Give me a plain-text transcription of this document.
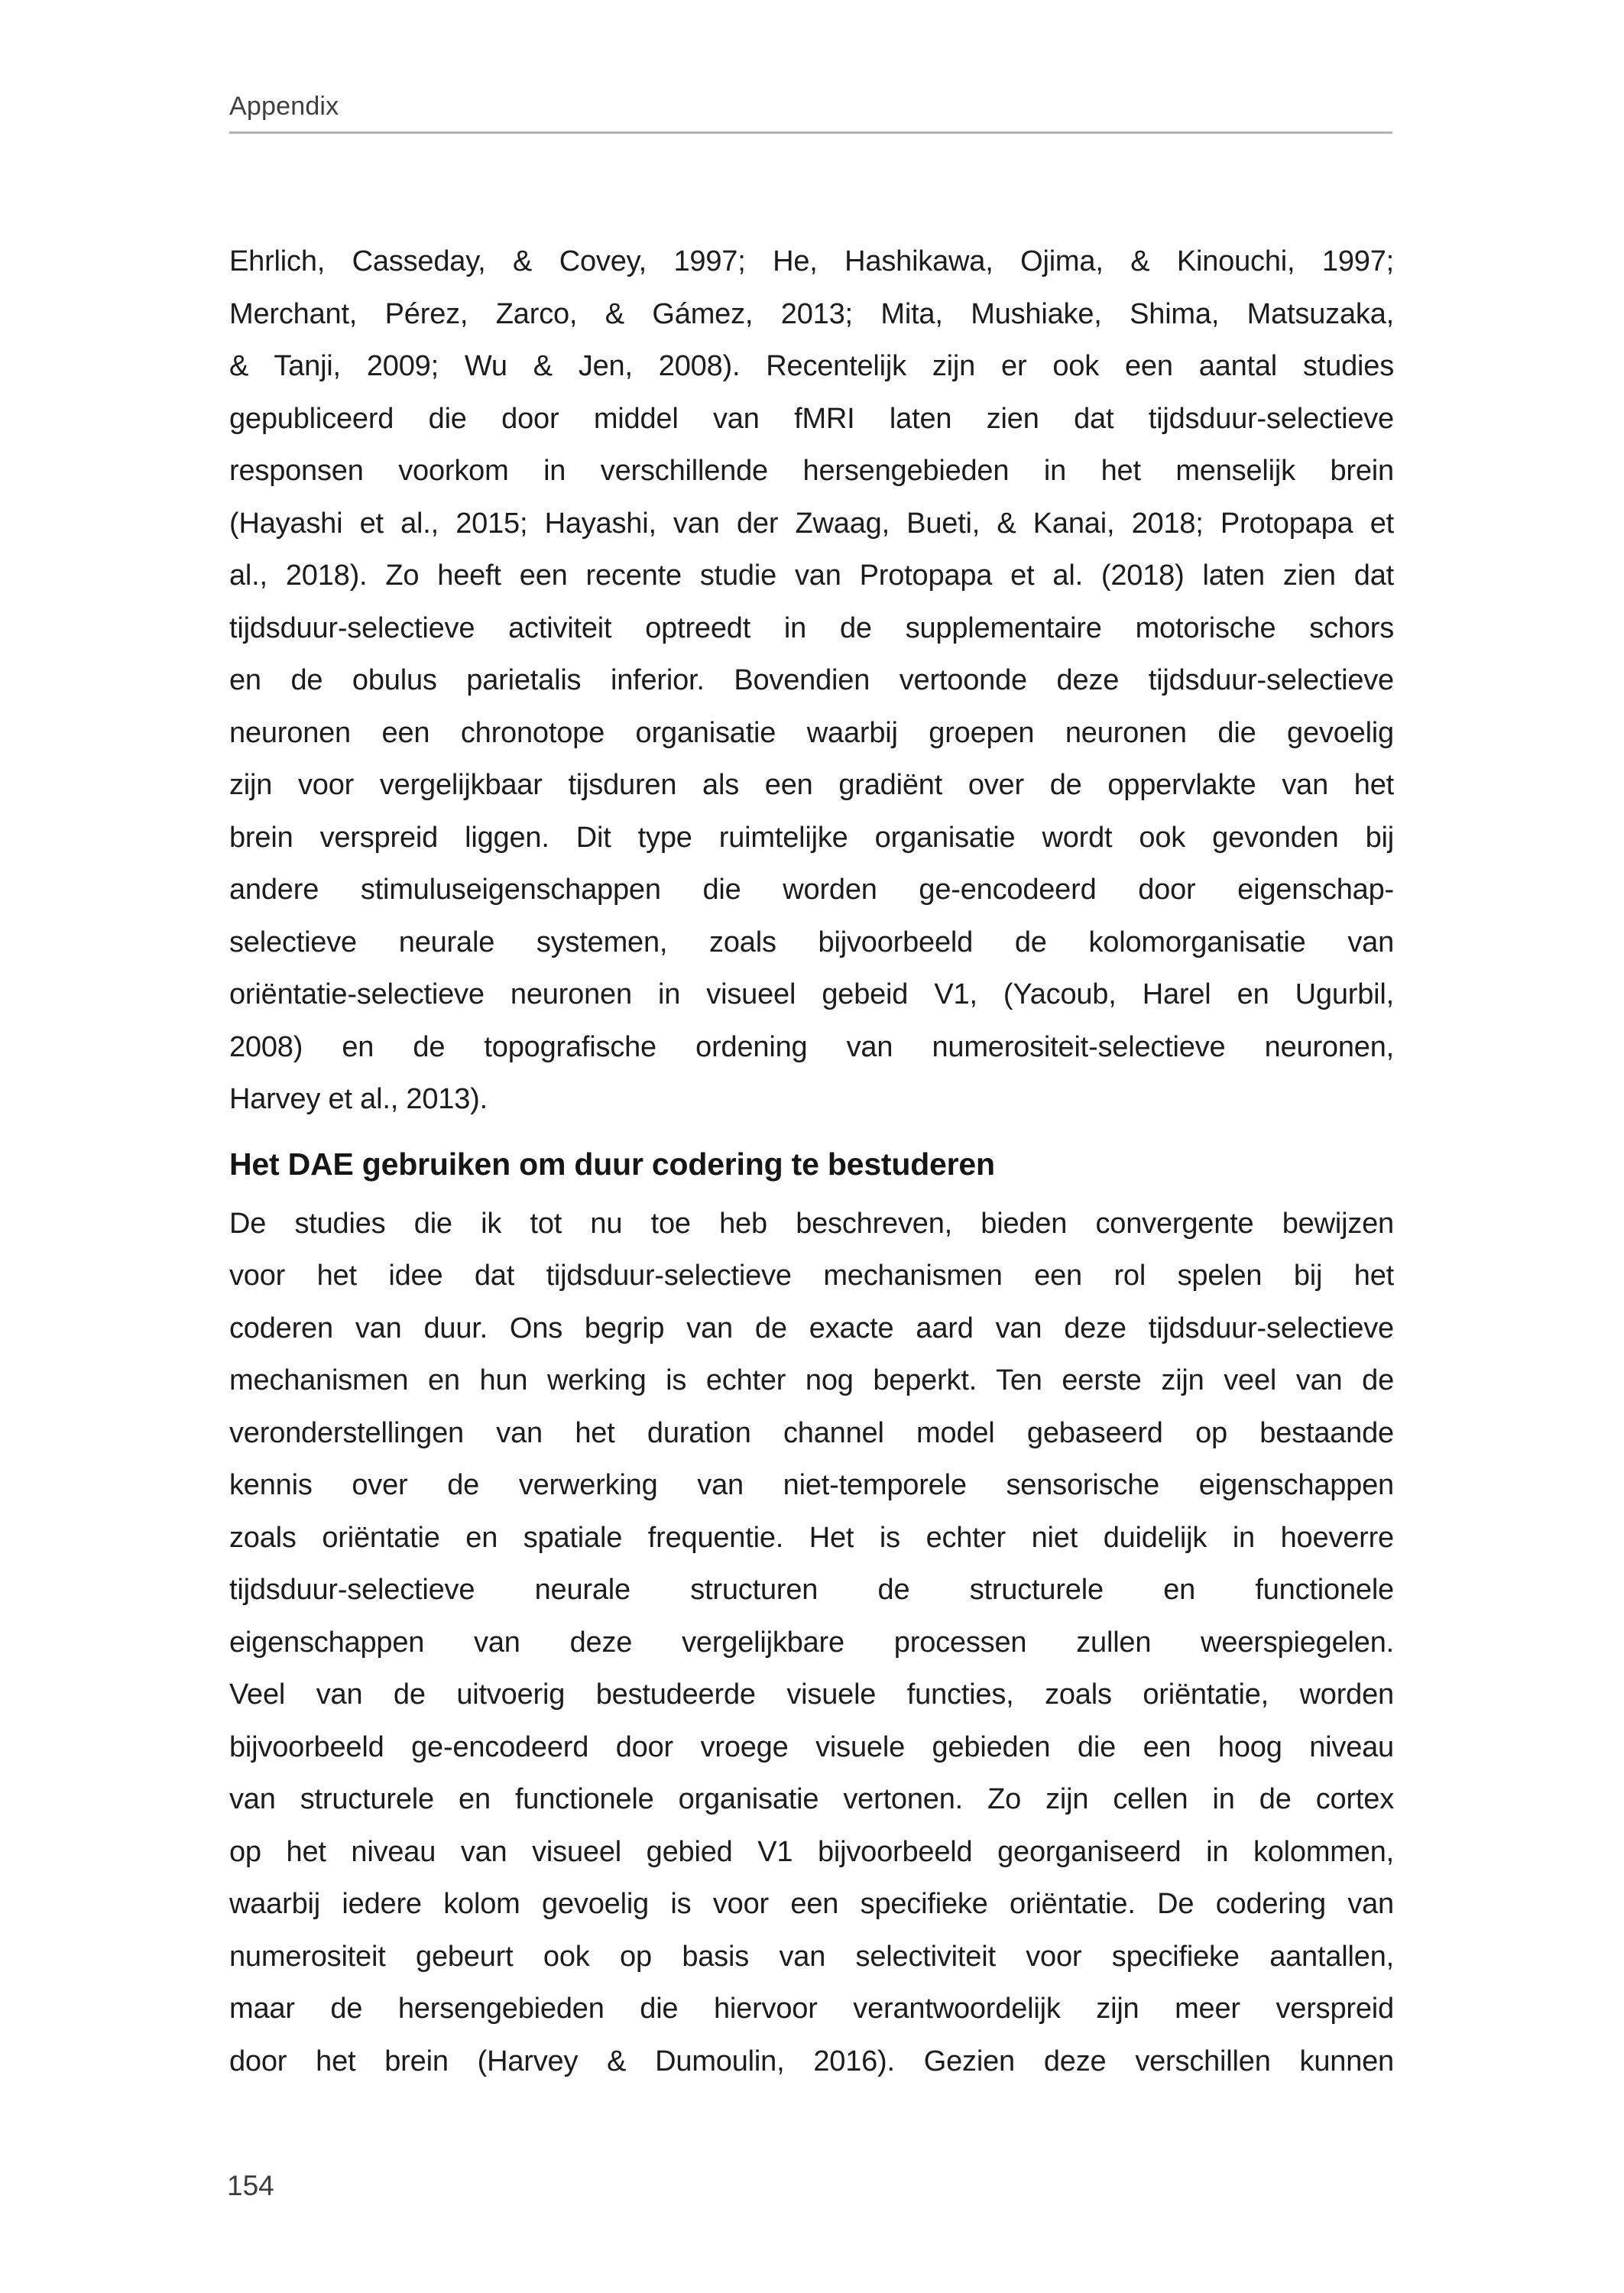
Appendix
Ehrlich, Casseday, & Covey, 1997; He, Hashikawa, Ojima, & Kinouchi, 1997;
Merchant, Pérez, Zarco, & Gámez, 2013; Mita, Mushiake, Shima, Matsuzaka,
& Tanji, 2009; Wu & Jen, 2008). Recentelijk zijn er ook een aantal studies
gepubliceerd die door middel van fMRI laten zien dat tijdsduur-selectieve
responsen voorkom in verschillende hersengebieden in het menselijk brein
(Hayashi et al., 2015; Hayashi, van der Zwaag, Bueti, & Kanai, 2018; Protopapa et
al., 2018). Zo heeft een recente studie van Protopapa et al. (2018) laten zien dat
tijdsduur-selectieve activiteit optreedt in de supplementaire motorische schors
en de obulus parietalis inferior. Bovendien vertoonde deze tijdsduur-selectieve
neuronen een chronotope organisatie waarbij groepen neuronen die gevoelig
zijn voor vergelijkbaar tijsduren als een gradiënt over de oppervlakte van het
brein verspreid liggen. Dit type ruimtelijke organisatie wordt ook gevonden bij
andere stimuluseigenschappen die worden ge-encodeerd door eigenschap-
selectieve neurale systemen, zoals bijvoorbeeld de kolomorganisatie van
oriëntatie-selectieve neuronen in visueel gebeid V1, (Yacoub, Harel en Ugurbil,
2008) en de topografische ordening van numerositeit-selectieve neuronen,
Harvey et al., 2013).
Het DAE gebruiken om duur codering te bestuderen
De studies die ik tot nu toe heb beschreven, bieden convergente bewijzen
voor het idee dat tijdsduur-selectieve mechanismen een rol spelen bij het
coderen van duur. Ons begrip van de exacte aard van deze tijdsduur-selectieve
mechanismen en hun werking is echter nog beperkt. Ten eerste zijn veel van de
veronderstellingen van het duration channel model gebaseerd op bestaande
kennis over de verwerking van niet-temporele sensorische eigenschappen
zoals oriëntatie en spatiale frequentie. Het is echter niet duidelijk in hoeverre
tijdsduur-selectieve neurale structuren de structurele en functionele
eigenschappen van deze vergelijkbare processen zullen weerspiegelen.
Veel van de uitvoerig bestudeerde visuele functies, zoals oriëntatie, worden
bijvoorbeeld ge-encodeerd door vroege visuele gebieden die een hoog niveau
van structurele en functionele organisatie vertonen. Zo zijn cellen in de cortex
op het niveau van visueel gebied V1 bijvoorbeeld georganiseerd in kolommen,
waarbij iedere kolom gevoelig is voor een specifieke oriëntatie. De codering van
numerositeit gebeurt ook op basis van selectiviteit voor specifieke aantallen,
maar de hersengebieden die hiervoor verantwoordelijk zijn meer verspreid
door het brein (Harvey & Dumoulin, 2016). Gezien deze verschillen kunnen
154
